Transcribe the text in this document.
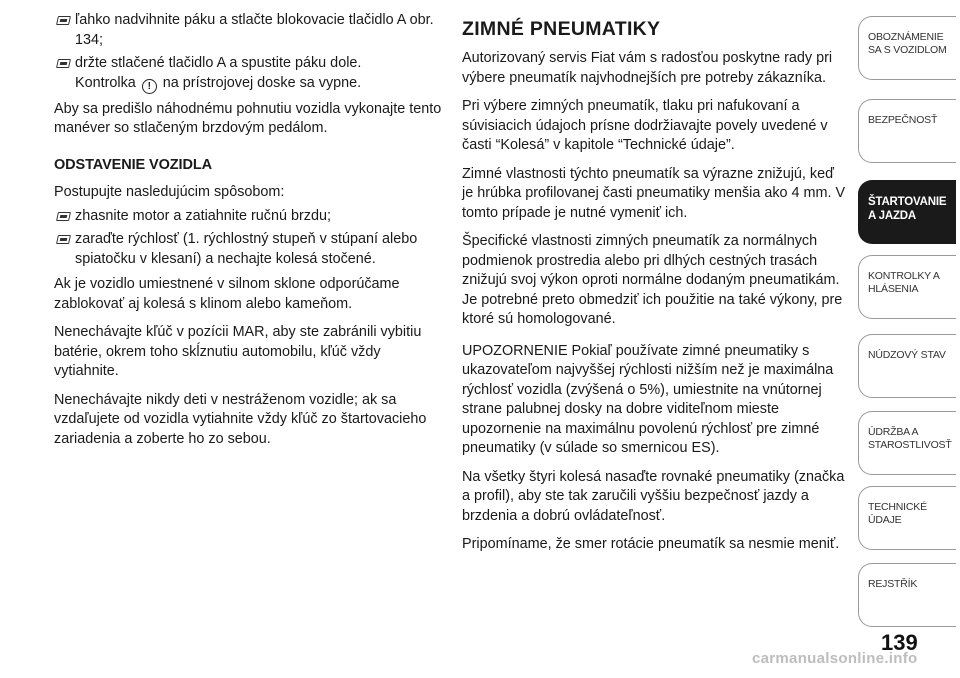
ľahko nadvihnite páku a stlačte blokovacie tlačidlo A obr. 134;
držte stlačené tlačidlo A a spustite páku dole.
Kontrolka ! na prístrojovej doske sa vypne.

Aby sa predišlo náhodnému pohnutiu vozidla vykonajte tento manéver so stlačeným brzdovým pedálom.

ODSTAVENIE VOZIDLA

Postupujte nasledujúcim spôsobom:

zhasnite motor a zatiahnite ručnú brzdu;
zaraďte rýchlosť (1. rýchlostný stupeň v stúpaní alebo spiatočku v klesaní) a nechajte kolesá stočené.

Ak je vozidlo umiestnené v silnom sklone odporúčame zablokovať aj kolesá s klinom alebo kameňom.

Nenechávajte kľúč v pozícii MAR, aby ste zabránili vybitiu batérie, okrem toho skĺznutiu automobilu, kľúč vždy vytiahnite.

Nenechávajte nikdy deti v nestráženom vozidle; ak sa vzdaľujete od vozidla vytiahnite vždy kľúč zo štartovacieho zariadenia a zoberte ho zo sebou.

ZIMNÉ PNEUMATIKY

Autorizovaný servis Fiat vám s radosťou poskytne rady pri výbere pneumatík najvhodnejších pre potreby zákazníka.

Pri výbere zimných pneumatík, tlaku pri nafukovaní a súvisiacich údajoch prísne dodržiavajte povely uvedené v časti “Kolesá” v kapitole “Technické údaje”.

Zimné vlastnosti týchto pneumatík sa výrazne znižujú, keď je hrúbka profilovanej časti pneumatiky menšia ako 4 mm. V tomto prípade je nutné vymeniť ich.

Špecifické vlastnosti zimných pneumatík za normálnych podmienok prostredia alebo pri dlhých cestných trasách znižujú svoj výkon oproti normálne dodaným pneumatikám. Je potrebné preto obmedziť ich použitie na také výkony, pre ktoré sú homologované.

UPOZORNENIE Pokiaľ používate zimné pneumatiky s ukazovateľom najvyššej rýchlosti nižším než je maximálna rýchlosť vozidla (zvýšená o 5%), umiestnite na vnútornej strane palubnej dosky na dobre viditeľnom mieste upozornenie na maximálnu povolenú rýchlosť pre zimné pneumatiky (v súlade so smernicou ES).

Na všetky štyri kolesá nasaďte rovnaké pneumatiky (značka a profil), aby ste tak zaručili vyššiu bezpečnosť jazdy a brzdenia a dobrú ovládateľnosť.

Pripomíname, že smer rotácie pneumatík sa nesmie meniť.

OBOZNÁMENIE SA S VOZIDLOM
BEZPEČNOSŤ
ŠTARTOVANIE A JAZDA
KONTROLKY A HLÁSENIA
NÚDZOVÝ STAV
ÚDRŽBA A STAROSTLIVOSŤ
TECHNICKÉ ÚDAJE
REJSTŘÍK
139
carmanualsonline.info
